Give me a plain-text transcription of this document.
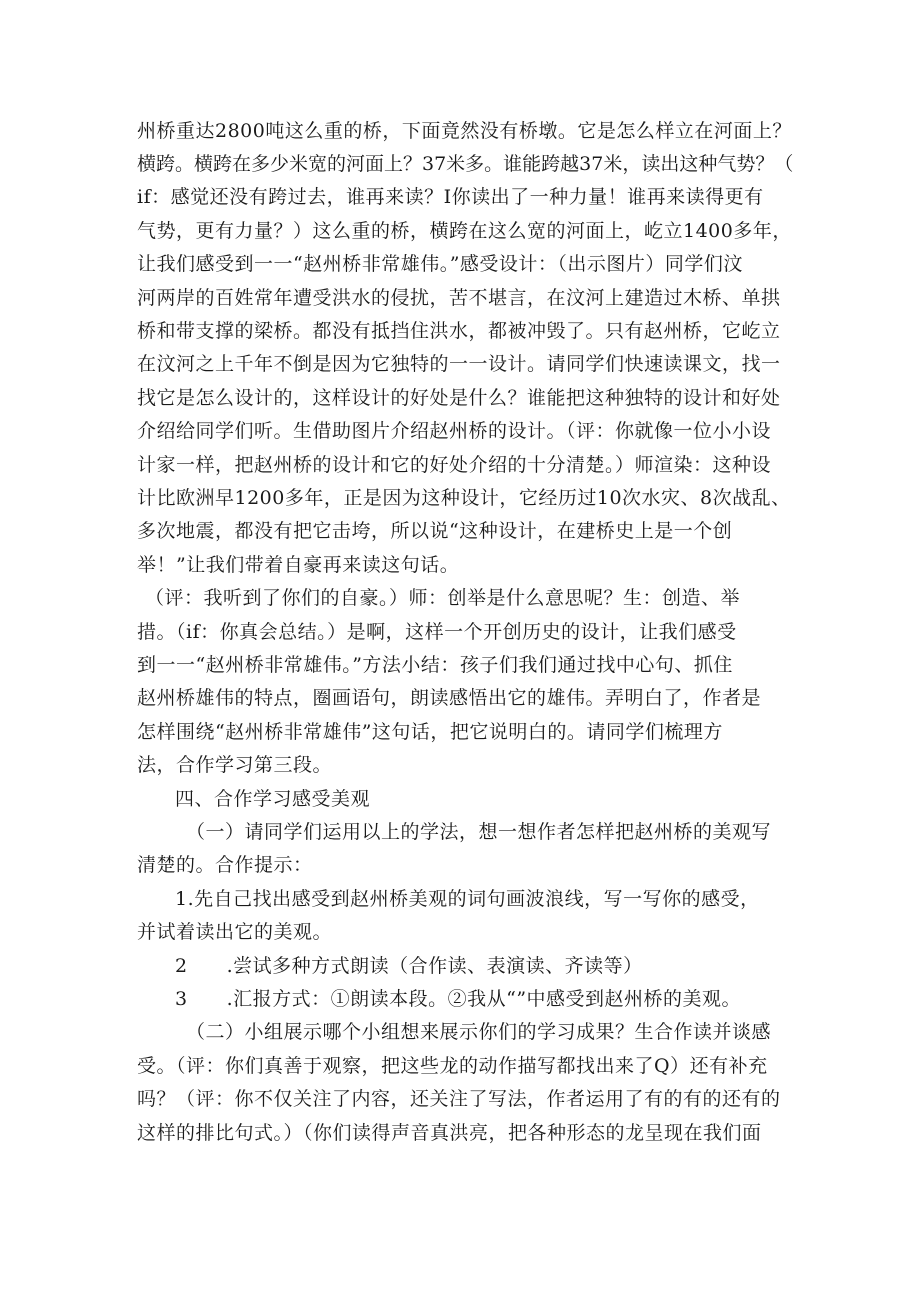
州桥重达2800吨这么重的桥，下面竟然没有桥墩。它是怎么样立在河面上？
横跨。横跨在多少米宽的河面上？37米多。谁能跨越37米，读出这种气势？（
if：感觉还没有跨过去，谁再来读？I你读出了一种力量！谁再来读得更有
气势，更有力量？）这么重的桥，横跨在这么宽的河面上，屹立1400多年，
让我们感受到一一“赵州桥非常雄伟。”感受设计：（出示图片）同学们汶
河两岸的百姓常年遭受洪水的侵扰，苦不堪言，在汶河上建造过木桥、单拱
桥和带支撑的梁桥。都没有抵挡住洪水，都被冲毁了。只有赵州桥，它屹立
在汶河之上千年不倒是因为它独特的一一设计。请同学们快速读课文，找一
找它是怎么设计的，这样设计的好处是什么？谁能把这种独特的设计和好处
介绍给同学们听。生借助图片介绍赵州桥的设计。（评：你就像一位小小设
计家一样，把赵州桥的设计和它的好处介绍的十分清楚。）师渲染：这种设
计比欧洲早1200多年，正是因为这种设计，它经历过10次水灾、8次战乱、
多次地震，都没有把它击垮，所以说“这种设计，在建桥史上是一个创
举！”让我们带着自豪再来读这句话。
（评：我听到了你们的自豪。）师：创举是什么意思呢？生：创造、举
措。（if：你真会总结。）是啊，这样一个开创历史的设计，让我们感受
到一一“赵州桥非常雄伟。”方法小结：孩子们我们通过找中心句、抓住
赵州桥雄伟的特点，圈画语句，朗读感悟出它的雄伟。弄明白了，作者是
怎样围绕“赵州桥非常雄伟”这句话，把它说明白的。请同学们梳理方
法，合作学习第三段。
四、合作学习感受美观
（一）请同学们运用以上的学法，想一想作者怎样把赵州桥的美观写
清楚的。合作提示：
1.先自己找出感受到赵州桥美观的词句画波浪线，写一写你的感受，
并试着读出它的美观。
2　　.尝试多种方式朗读（合作读、表演读、齐读等）
3　　.汇报方式：①朗读本段。②我从“”中感受到赵州桥的美观。
（二）小组展示哪个小组想来展示你们的学习成果？生合作读并谈感
受。（评：你们真善于观察，把这些龙的动作描写都找出来了Q）还有补充
吗？（评：你不仅关注了内容，还关注了写法，作者运用了有的有的还有的
这样的排比句式。）（你们读得声音真洪亮，把各种形态的龙呈现在我们面
